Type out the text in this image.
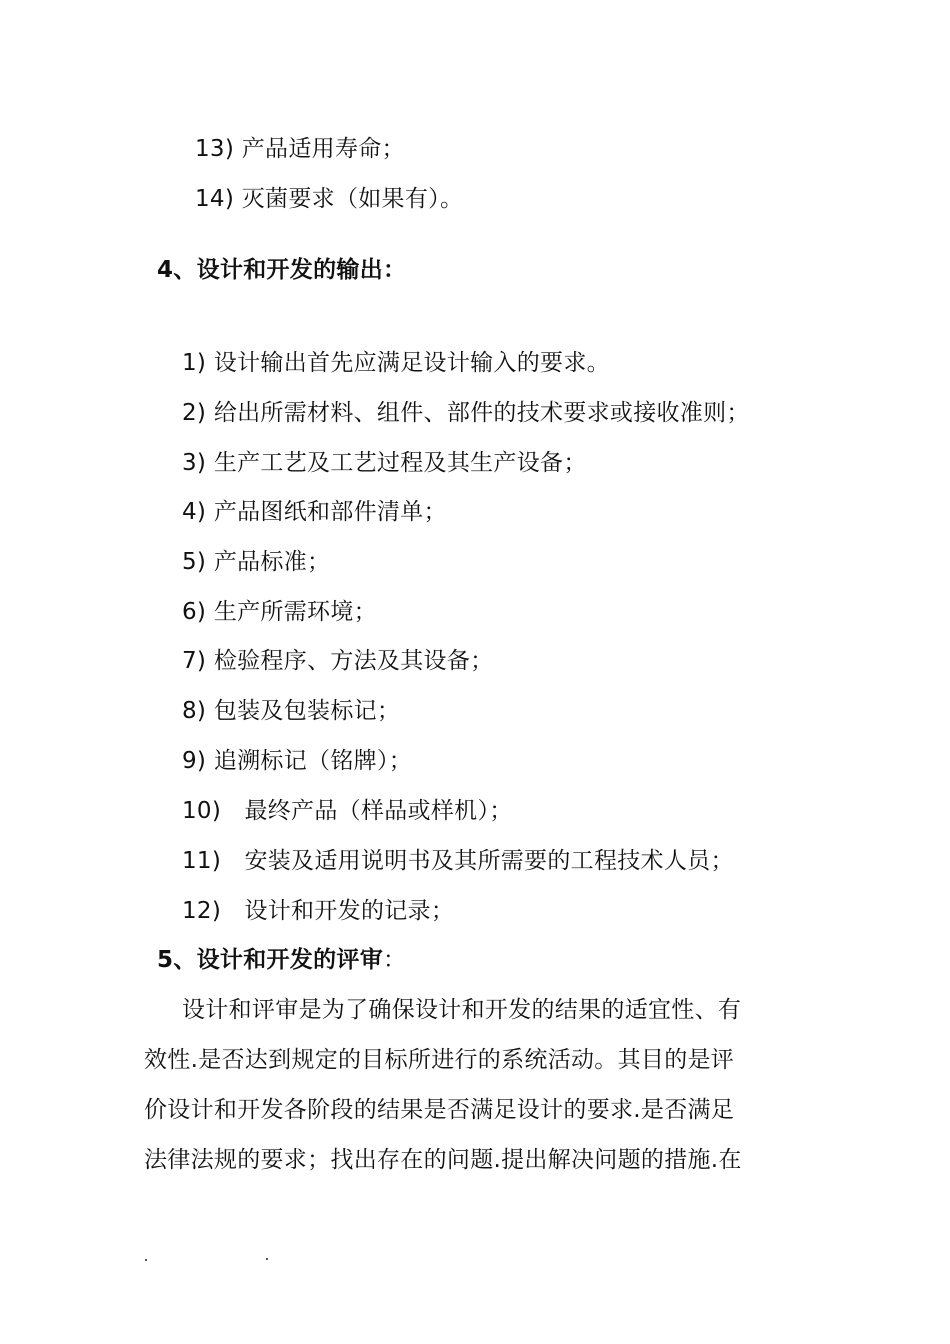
13) 产品适用寿命；
14) 灭菌要求（如果有）。
4、设计和开发的输出：
1) 设计输出首先应满足设计输入的要求。
2) 给出所需材料、组件、部件的技术要求或接收准则；
3) 生产工艺及工艺过程及其生产设备；
4) 产品图纸和部件清单；
5) 产品标准；
6) 生产所需环境；
7) 检验程序、方法及其设备；
8) 包装及包装标记；
9) 追溯标记（铭牌）；
10)　最终产品（样品或样机）；
11)　安装及适用说明书及其所需要的工程技术人员；
12)　设计和开发的记录；
5、设计和开发的评审：
设计和评审是为了确保设计和开发的结果的适宜性、有
效性.是否达到规定的目标所进行的系统活动。其目的是评
价设计和开发各阶段的结果是否满足设计的要求.是否满足
法律法规的要求；找出存在的问题.提出解决问题的措施.在
